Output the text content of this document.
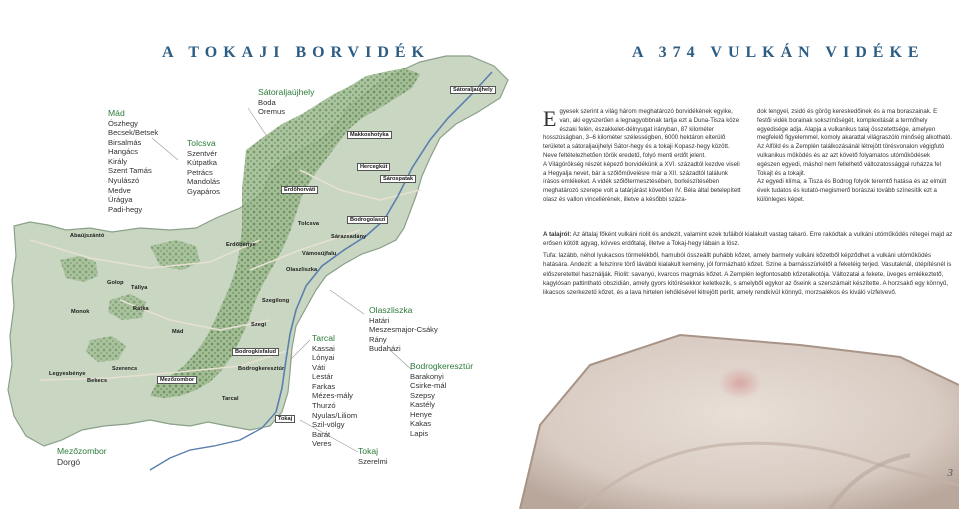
A TOKAJI BORVIDÉK	A 374 VULKÁN VIDÉKE
Mád
Ószhegy
Becsek/Betsek
Birsalmás
Hangács
Király
Szent Tamás
Nyulászó
Medve
Úrágya
Padi-hegy
Tolcsva
Szentvér
Kútpatka
Petrács
Mandolás
Gyapáros
Sátoraljaújhely
Boda
Oremus
Tarcal
Kassai
Lónyai
Váti
Lestár
Farkas
Mézes-mály
Thurzó
Nyulas/Liliom
Szil-völgy
Barát
Veres
Olaszliszka
Határi
Meszesmajor-Csáky
Rány
Budaházi
Bodrogkeresztúr
Barakonyi
Csirke-mál
Szepsy
Kastély
Henye
Kakas
Lapis
Tokaj
Szerelmi
Mezőzombor
Dorgó
Sátoraljaújhely
Makkoshotyka
Hercegkút
Sárospatak
Erdőhorváti
Tolcsva
Bodrogolaszi
Abaújszántó
Erdőbénye
Vámosújfalu
Sárazsadány
Olaszliszka
Golop
Tállya
Rátka
Szegi
Szegilong
Monok
Mád
Bodrogkisfalud
Legyesbénye
Bekecs
Szerencs
Mezőzombor
Bodrogkeresztúr
Tarcal
Tokaj
E gyesek szerint a világ három meghatározó borvidékének egyike, van, aki egyszerűen a legnagyobbnak tartja ezt a Duna-Tisza köze északi felén, északkelet-délnyugat irányban, 87 kilométer hosszúságban, 3–6 kilométer szélességben, 6000 hektáron elterülő területet a sátoraljaújhelyi Sátor-hegy és a tokaji Kopasz-hegy között. Neve feltételezhetően török eredetű, folyó menti erdőt jelent.

A Világörökség részét képező borvidékünk a XVI. századtól kezdve viseli a Hegyalja nevet, bár a szőlőművelésre már a XII. századtól találunk írásos emlékeket. A vidék szőlőtermesztésében, borkészítésében meghatározó szerepe volt a tatárjárást követően IV. Béla által betelepített olasz és vallon vincellérének, illetve a későbbi száza-

dok lengyel, zsidó és görög kereskedőinek és a ma boraszainak. E festői vidék borainak sokszínűségét, komplexitását a termőhely egyedisége adja. Alapja a vulkanikus talaj összetettsége, amelyen megfelelő figyelemmel, komoly akarattal világraszóló minőség alkotható. Az Alföld és a Zemplén találkozásánál létrejött törésvonalon végigfutó vulkanikus működés és az azt követő folyamatos utóműködések egészen egyedi, máshol nem fellelhető változatossággal ruházza fel Tokajt és a tokajit.

Az egyedi klíma, a Tisza és Bodrog folyók teremtő hatása és az elmúlt évek tudatos és kutató-megismerő borászai tovább színesítik ezt a különleges képet.

A talajról: Az általaj főként vulkáni riolit és andezit, valamint ezek tufáiból kialakult vastag takaró. Erre rakódtak a vulkáni utóműködés rétegei majd az erősen kötött agyag, kövves erdőtalaj, illetve a Tokaj-hegy lábain a lösz.

Tufa: lazább, néhol lyukacsos törmelékből, hamuból összeállt puhább kőzet, amely barmely vulkáni kőzetből képződhet a vulkáni utóműködés hatására. Andezit: a felszínre törő lávából kialakult kemény, jól formázható kőzet. Színe a barnásszürkétől a feketéig terjed. Vasutaknál, útépítésnél is előszeretettel használják. Riolit: savanyú, kvarcos magmás kőzet. A Zemplén legfontosabb kőzetalkotója. Változatai a fekete, üveges emlékeztető, kagylósan pattintható obszidián, amely gyors kitörésekkor keletkezik, s amelyből egykor az őseink a szerszámait készítette. A horzsakő egy könnyű, likacsos szerkezetű kőzet, és a lava hirtelen lehűlésével létrejött perlit, amely rendkívül könnyű, morzsalékos és kiváló vízfelvevő.

3
